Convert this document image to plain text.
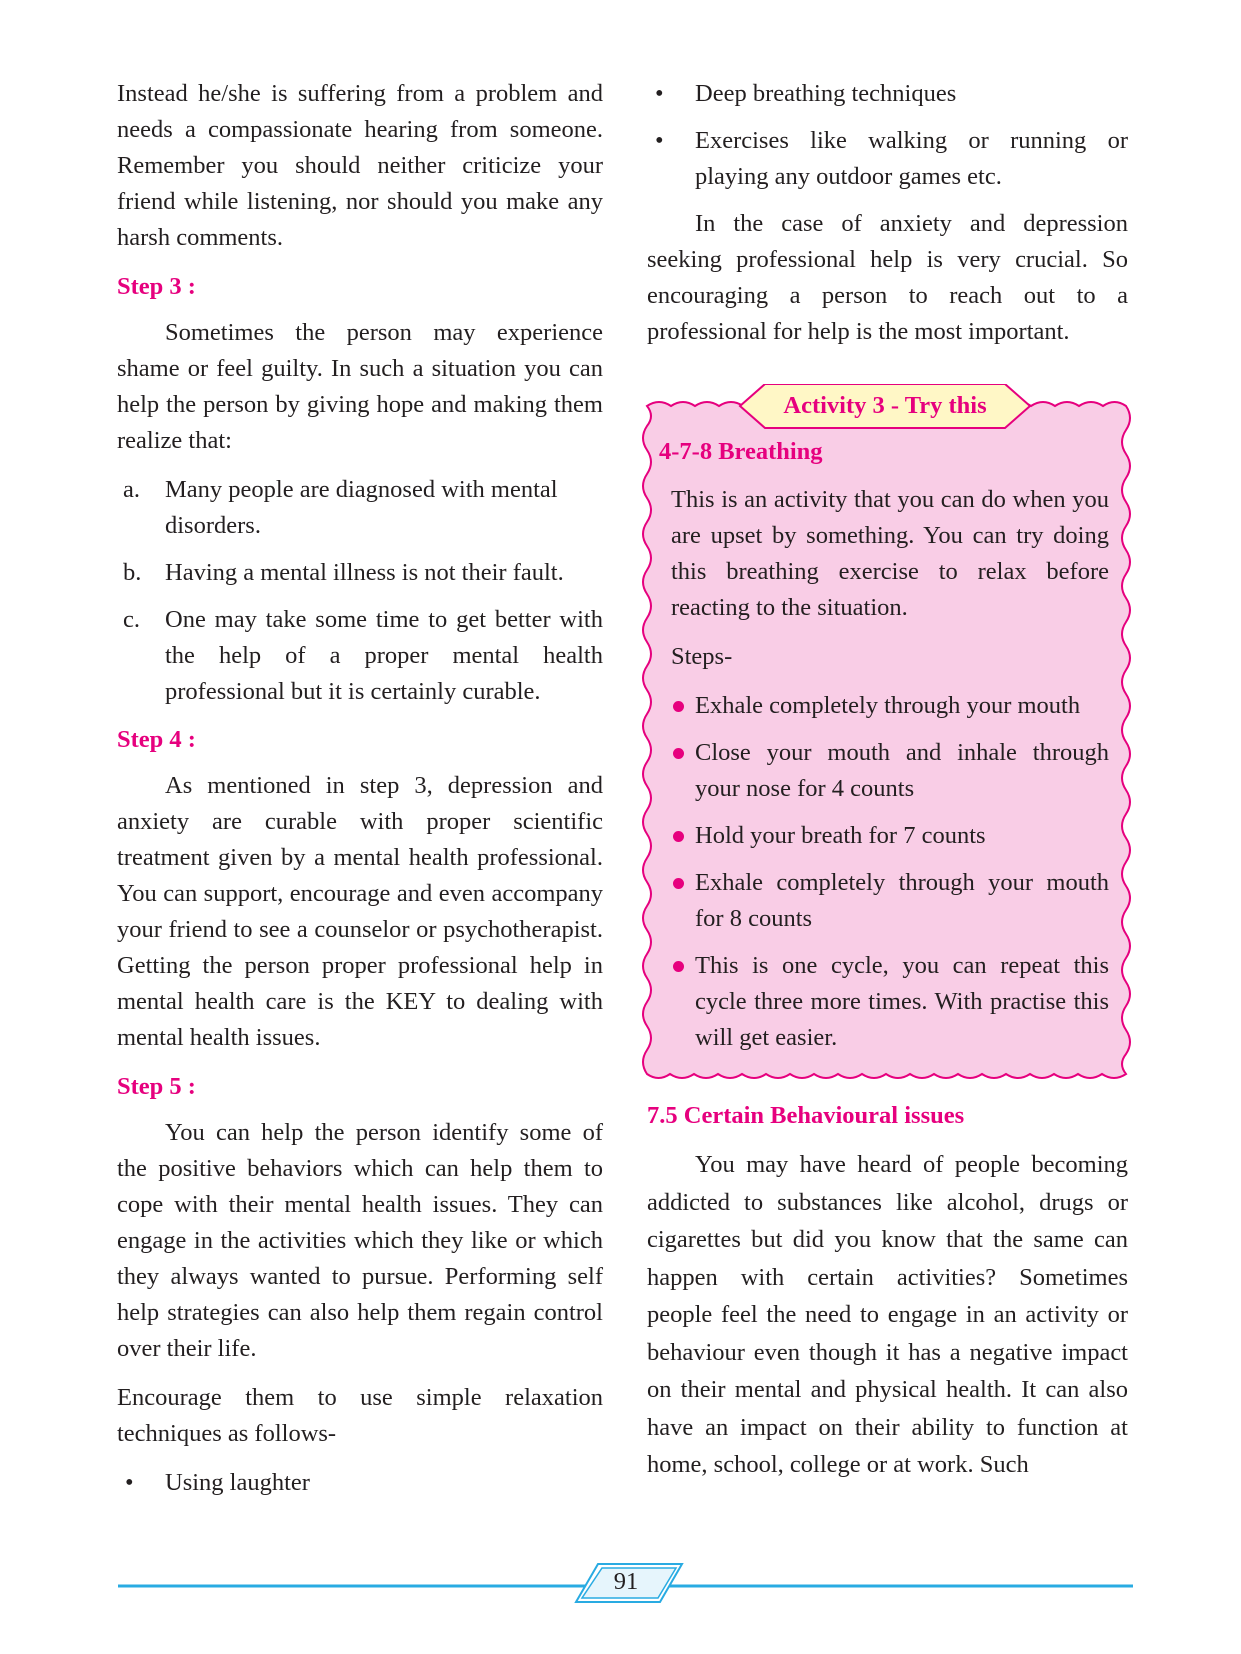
Instead he/she is suffering from a problem and needs a compassionate hearing from someone. Remember you should neither criticize your friend while listening, nor should you make any harsh comments.

Step 3 :

Sometimes the person may experience shame or feel guilty. In such a situation you can help the person by giving hope and making them realize that:

a. Many people are diagnosed with mental disorders.
b. Having a mental illness is not their fault.
c. One may take some time to get better with the help of a proper mental health professional but it is certainly curable.
Step 4 :

As mentioned in step 3, depression and anxiety are curable with proper scientific treatment given by a mental health professional. You can support, encourage and even accompany your friend to see a counselor or psychotherapist. Getting the person proper professional help in mental health care is the KEY to dealing with mental health issues.

Step 5 :

You can help the person identify some of the positive behaviors which can help them to cope with their mental health issues. They can engage in the activities which they like or which they always wanted to pursue. Performing self help strategies can also help them regain control over their life.

Encourage them to use simple relaxation techniques as follows-

• Using laughter
• Deep breathing techniques
• Exercises like walking or running or playing any outdoor games etc.

In the case of anxiety and depression seeking professional help is very crucial. So encouraging a person to reach out to a professional for help is the most important.

Activity 3 - Try this
4-7-8 Breathing

This is an activity that you can do when you are upset by something. You can try doing this breathing exercise to relax before reacting to the situation.

Steps-

Exhale completely through your mouth
Close your mouth and inhale through your nose for 4 counts
Hold your breath for 7 counts
Exhale completely through your mouth for 8 counts
This is one cycle, you can repeat this cycle three more times. With practise this will get easier.
7.5 Certain Behavioural issues

You may have heard of people becoming addicted to substances like alcohol, drugs or cigarettes but did you know that the same can happen with certain activities? Sometimes people feel the need to engage in an activity or behaviour even though it has a negative impact on their mental and physical health. It can also have an impact on their ability to function at home, school, college or at work. Such

91
